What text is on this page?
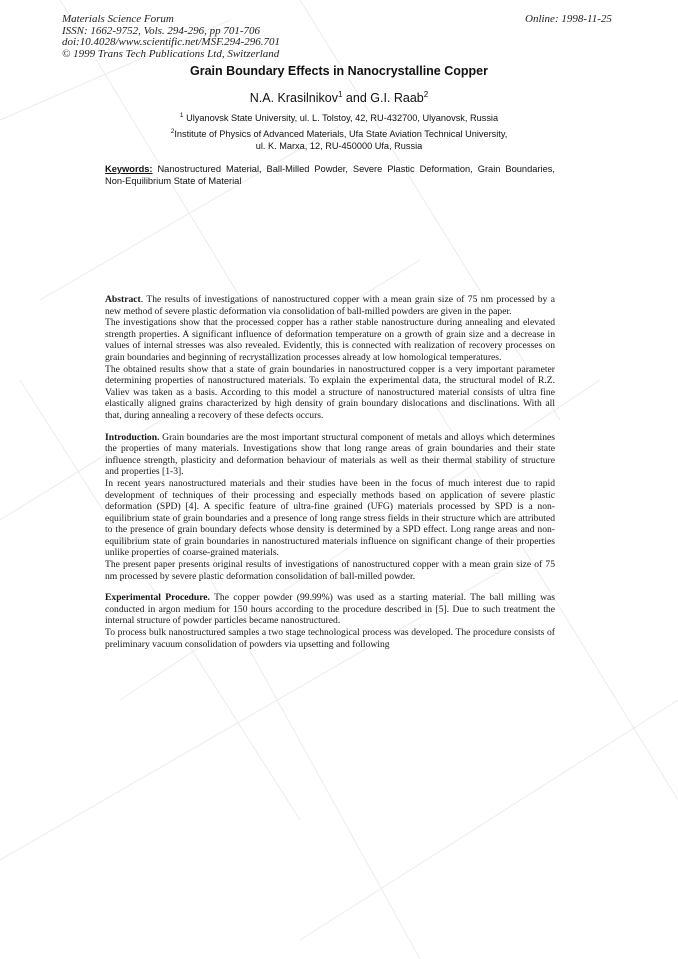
Materials Science Forum
ISSN: 1662-9752, Vols. 294-296, pp 701-706
doi:10.4028/www.scientific.net/MSF.294-296.701
© 1999 Trans Tech Publications Ltd, Switzerland
Online: 1998-11-25
Grain Boundary Effects in Nanocrystalline Copper
N.A. Krasilnikov$^1$ and G.I. Raab$^2$
$^1$ Ulyanovsk State University, ul. L. Tolstoy, 42, RU-432700, Ulyanovsk, Russia
$^2$Institute of Physics of Advanced Materials, Ufa State Aviation Technical University,
ul. K. Marxa, 12, RU-450000 Ufa, Russia
Keywords: Nanostructured Material, Ball-Milled Powder, Severe Plastic Deformation, Grain Boundaries, Non-Equilibrium State of Material

Abstract. The results of investigations of nanostructured copper with a mean grain size of 75 nm processed by a new method of severe plastic deformation via consolidation of ball-milled powders are given in the paper.

The investigations show that the processed copper has a rather stable nanostructure during annealing and elevated strength properties. A significant influence of deformation temperature on a growth of grain size and a decrease in values of internal stresses was also revealed. Evidently, this is connected with realization of recovery processes on grain boundaries and beginning of recrystallization processes already at low homological temperatures.

The obtained results show that a state of grain boundaries in nanostructured copper is a very important parameter determining properties of nanostructured materials. To explain the experimental data, the structural model of R.Z. Valiev was taken as a basis. According to this model a structure of nanostructured material consists of ultra fine elastically aligned grains characterized by high density of grain boundary dislocations and disclinations. With all that, during annealing a recovery of these defects occurs.

Introduction. Grain boundaries are the most important structural component of metals and alloys which determines the properties of many materials. Investigations show that long range areas of grain boundaries and their state influence strength, plasticity and deformation behaviour of materials as well as their thermal stability of structure and properties [1-3].

In recent years nanostructured materials and their studies have been in the focus of much interest due to rapid development of techniques of their processing and especially methods based on application of severe plastic deformation (SPD) [4]. A specific feature of ultra-fine grained (UFG) materials processed by SPD is a non-equilibrium state of grain boundaries and a presence of long range stress fields in their structure which are attributed to the presence of grain boundary defects whose density is determined by a SPD effect. Long range areas and non-equilibrium state of grain boundaries in nanostructured materials influence on significant change of their properties unlike properties of coarse-grained materials.

The present paper presents original results of investigations of nanostructured copper with a mean grain size of 75 nm processed by severe plastic deformation consolidation of ball-milled powder.

Experimental Procedure. The copper powder (99.99%) was used as a starting material. The ball milling was conducted in argon medium for 150 hours according to the procedure described in [5]. Due to such treatment the internal structure of powder particles became nanostructured.

To process bulk nanostructured samples a two stage technological process was developed. The procedure consists of preliminary vacuum consolidation of powders via upsetting and following
